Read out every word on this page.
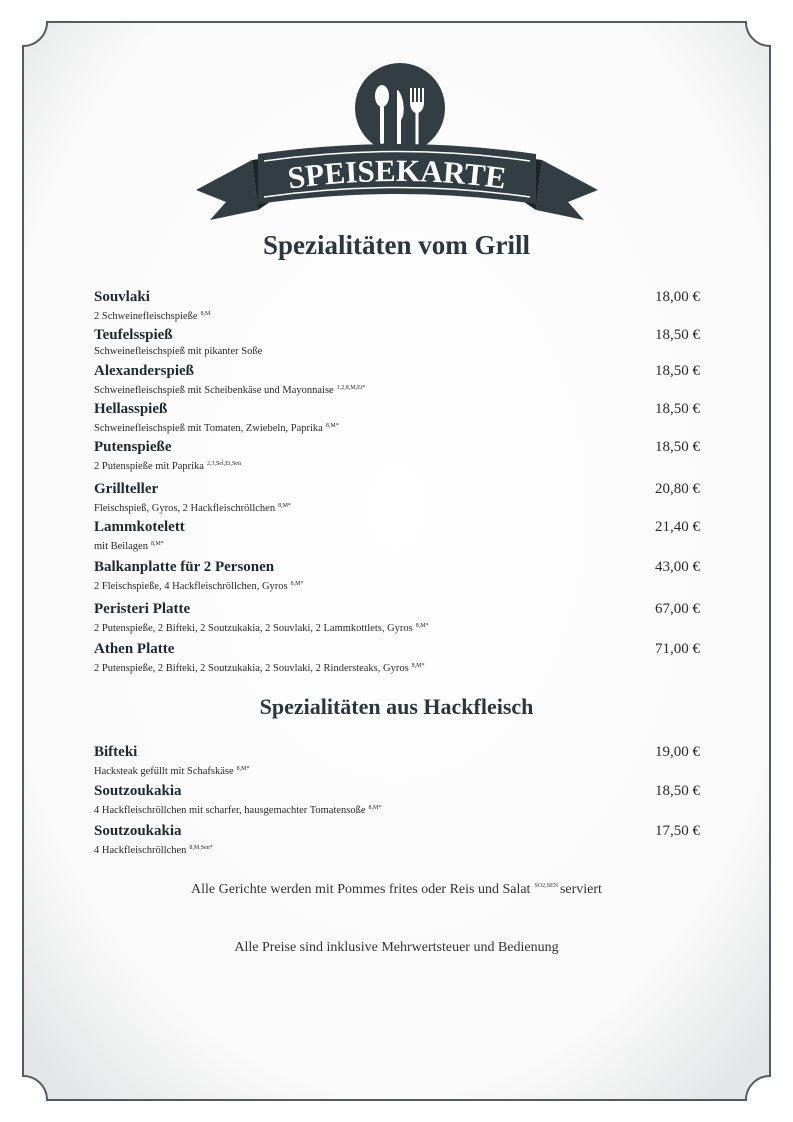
SPEISEKARTE
Spezialitäten vom Grill
Souvlaki
2 Schweinefleischspieße $^{8,M}$
18,00 €
Teufelsspieß
Schweinefleischspieß mit pikanter Soße
18,50 €
Alexanderspieß
Schweinefleischspieß mit Scheibenkäse und Mayonnaise $^{1,2,8,M,Ei*}$
18,50 €
Hellasspieß
Schweinefleischspieß mit Tomaten, Zwiebeln, Paprika $^{8,M*}$
18,50 €
Putenspieße
2 Putenspieße mit Paprika $^{2,3,Sel,Ei,Sen}$
18,50 €
Grillteller
Fleischspieß, Gyros, 2 Hackfleischröllchen $^{8,M*}$
20,80 €
Lammkotelett
mit Beilagen $^{8,M*}$
21,40 €
Balkanplatte für 2 Personen
2 Fleischspieße, 4 Hackfleischröllchen, Gyros $^{8,M*}$
43,00 €
Peristeri Platte
2 Putenspieße, 2 Bifteki, 2 Soutzukakia, 2 Souvlaki, 2 Lammkottlets, Gyros $^{8,M*}$
67,00 €
Athen Platte
2 Putenspieße, 2 Bifteki, 2 Soutzukakia, 2 Souvlaki, 2 Rindersteaks, Gyros $^{8,M*}$
71,00 €
Spezialitäten aus Hackfleisch
Bifteki
Hacksteak gefüllt mit Schafskäse $^{8,M*}$
19,00 €
Soutzoukakia
4 Hackfleischröllchen mit scharfer, hausgemachter Tomatensoße $^{8,M*}$
18,50 €
Soutzoukakia
4 Hackfleischröllchen $^{8,M,Sen*}$
17,50 €
Alle Gerichte werden mit Pommes frites oder Reis und Salat $^{SO2,SEN}$ serviert
Alle Preise sind inklusive Mehrwertsteuer und Bedienung
